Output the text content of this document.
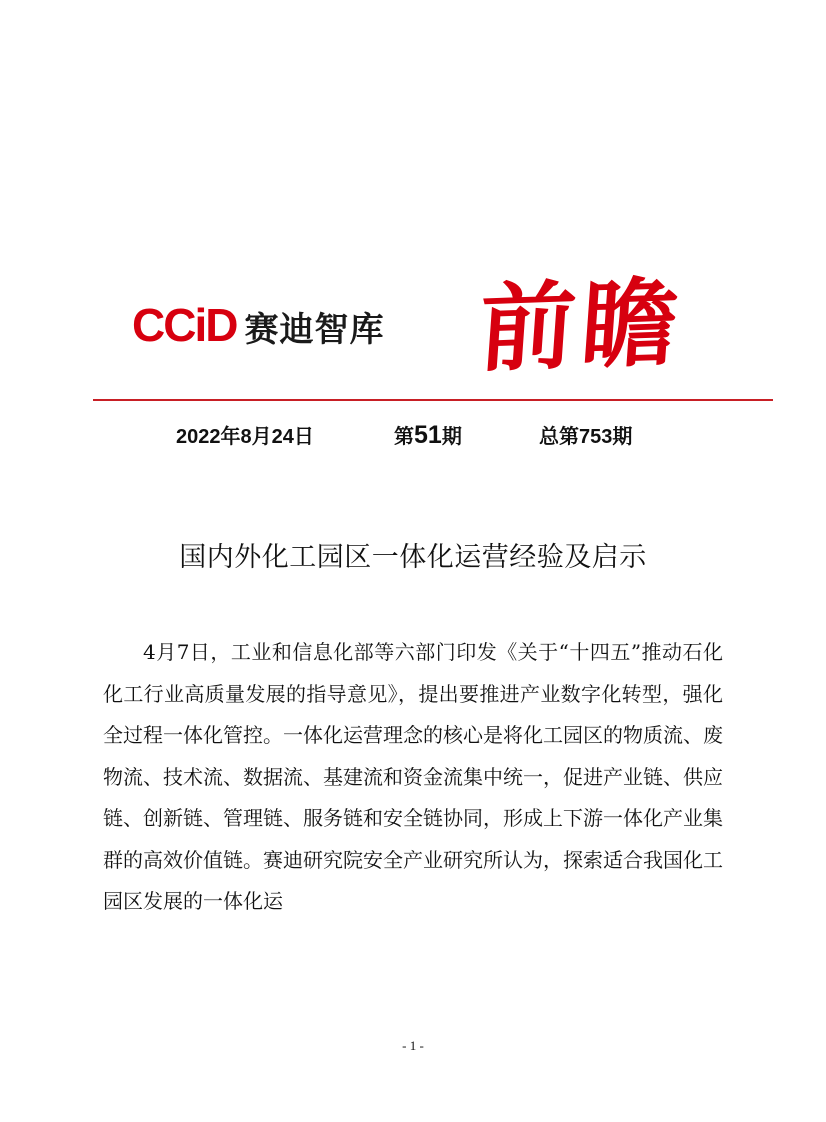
CCiD 赛迪智库 前瞻
2022年8月24日	第51期	总第753期
国内外化工园区一体化运营经验及启示

4月7日，工业和信息化部等六部门印发《关于“十四五”推动石化化工行业高质量发展的指导意见》，提出要推进产业数字化转型，强化全过程一体化管控。一体化运营理念的核心是将化工园区的物质流、废物流、技术流、数据流、基建流和资金流集中统一，促进产业链、供应链、创新链、管理链、服务链和安全链协同，形成上下游一体化产业集群的高效价值链。赛迪研究院安全产业研究所认为，探索适合我国化工园区发展的一体化运

- 1 -
